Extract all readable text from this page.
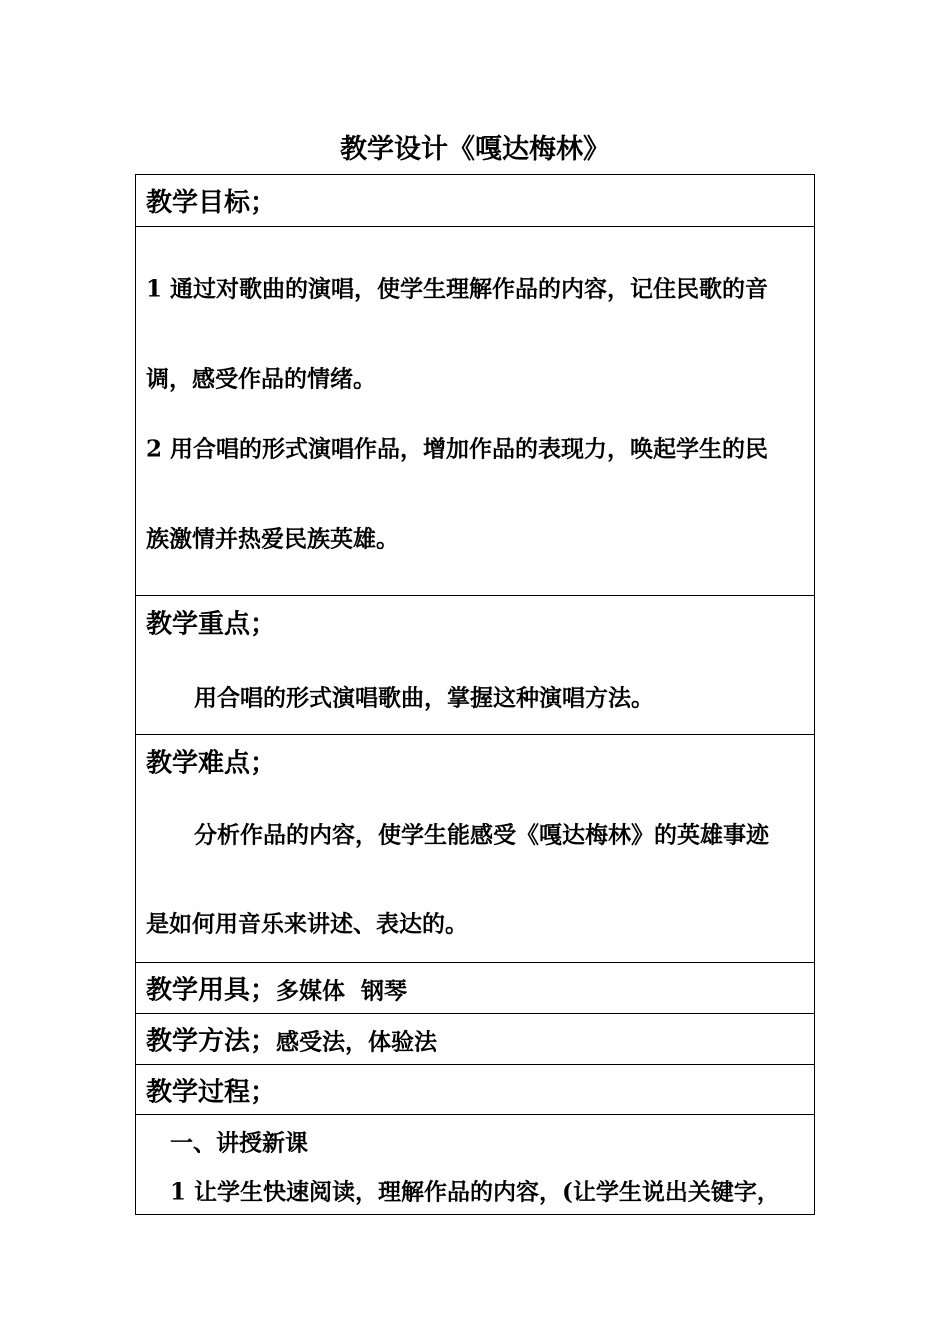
教学设计《嘎达梅林》
教学目标；
1 通过对歌曲的演唱，使学生理解作品的内容，记住民歌的音
调，感受作品的情绪。
2 用合唱的形式演唱作品，增加作品的表现力，唤起学生的民
族激情并热爱民族英雄。
教学重点；
用合唱的形式演唱歌曲，掌握这种演唱方法。
教学难点；
分析作品的内容，使学生能感受《嘎达梅林》的英雄事迹
是如何用音乐来讲述、表达的。
教学用具；多媒体  钢琴
教学方法；感受法，体验法
教学过程；
一、讲授新课
1 让学生快速阅读，理解作品的内容，(让学生说出关键字，
